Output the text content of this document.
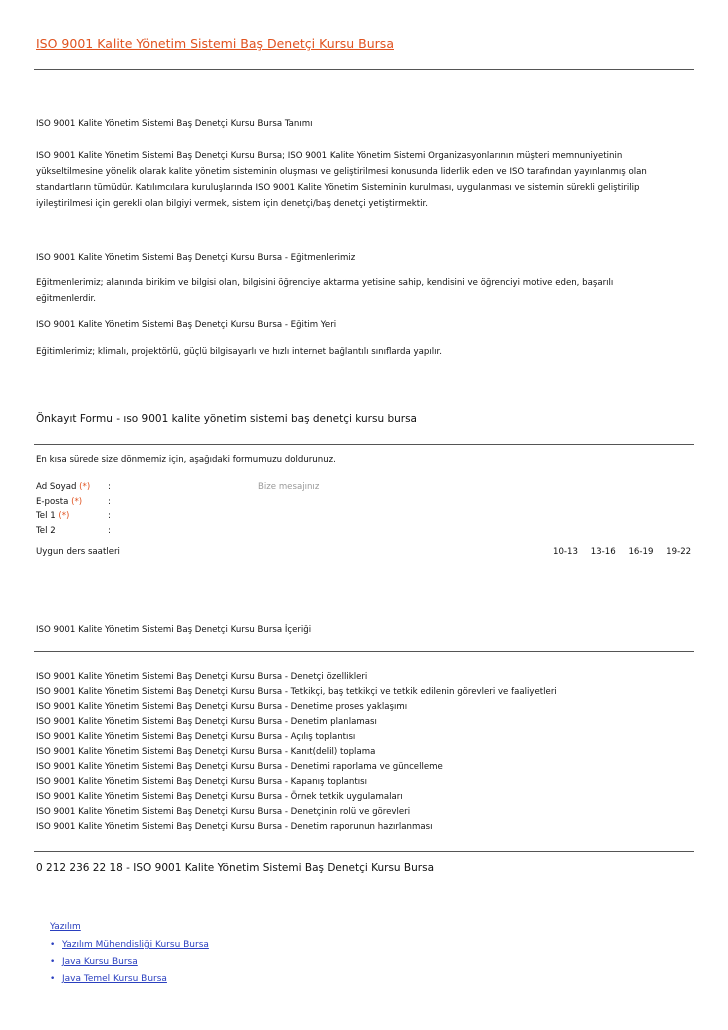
ISO 9001 Kalite Yönetim Sistemi Baş Denetçi Kursu Bursa
ISO 9001 Kalite Yönetim Sistemi Baş Denetçi Kursu Bursa Tanımı
ISO 9001 Kalite Yönetim Sistemi Baş Denetçi Kursu Bursa; ISO 9001 Kalite Yönetim Sistemi Organizasyonlarının müşteri memnuniyetinin
yükseltilmesine yönelik olarak kalite yönetim sisteminin oluşması ve geliştirilmesi konusunda liderlik eden ve ISO tarafından yayınlanmış olan
standartların tümüdür. Katılımcılara kuruluşlarında ISO 9001 Kalite Yönetim Sisteminin kurulması, uygulanması ve sistemin sürekli geliştirilip
iyileştirilmesi için gerekli olan bilgiyi vermek, sistem için denetçi/baş denetçi yetiştirmektir.
ISO 9001 Kalite Yönetim Sistemi Baş Denetçi Kursu Bursa - Eğitmenlerimiz
Eğitmenlerimiz; alanında birikim ve bilgisi olan, bilgisini öğrenciye aktarma yetisine sahip, kendisini ve öğrenciyi motive eden, başarılı
eğitmenlerdir.
ISO 9001 Kalite Yönetim Sistemi Baş Denetçi Kursu Bursa - Eğitim Yeri
Eğitimlerimiz; klimalı, projektörlü, güçlü bilgisayarlı ve hızlı internet bağlantılı sınıflarda yapılır.
Önkayıt Formu - ıso 9001 kalite yönetim sistemi baş denetçi kursu bursa
En kısa sürede size dönmemiz için, aşağıdaki formumuzu doldurunuz.
Ad Soyad (*) :	Bize mesajınız
E-posta (*)	:
Tel 1 (*)	:
Tel 2	:
Uygun ders saatleri	10-13 13-16 16-19 19-22
ISO 9001 Kalite Yönetim Sistemi Baş Denetçi Kursu Bursa İçeriği
ISO 9001 Kalite Yönetim Sistemi Baş Denetçi Kursu Bursa - Denetçi özellikleri
ISO 9001 Kalite Yönetim Sistemi Baş Denetçi Kursu Bursa - Tetkikçi, baş tetkikçi ve tetkik edilenin görevleri ve faaliyetleri
ISO 9001 Kalite Yönetim Sistemi Baş Denetçi Kursu Bursa - Denetime proses yaklaşımı
ISO 9001 Kalite Yönetim Sistemi Baş Denetçi Kursu Bursa - Denetim planlaması
ISO 9001 Kalite Yönetim Sistemi Baş Denetçi Kursu Bursa - Açılış toplantısı
ISO 9001 Kalite Yönetim Sistemi Baş Denetçi Kursu Bursa - Kanıt(delil) toplama
ISO 9001 Kalite Yönetim Sistemi Baş Denetçi Kursu Bursa - Denetimi raporlama ve güncelleme
ISO 9001 Kalite Yönetim Sistemi Baş Denetçi Kursu Bursa - Kapanış toplantısı
ISO 9001 Kalite Yönetim Sistemi Baş Denetçi Kursu Bursa - Örnek tetkik uygulamaları
ISO 9001 Kalite Yönetim Sistemi Baş Denetçi Kursu Bursa - Denetçinin rolü ve görevleri
ISO 9001 Kalite Yönetim Sistemi Baş Denetçi Kursu Bursa - Denetim raporunun hazırlanması
0 212 236 22 18 - ISO 9001 Kalite Yönetim Sistemi Baş Denetçi Kursu Bursa
Yazılım
• Yazılım Mühendisliği Kursu Bursa
• Java Kursu Bursa
• Java Temel Kursu Bursa
